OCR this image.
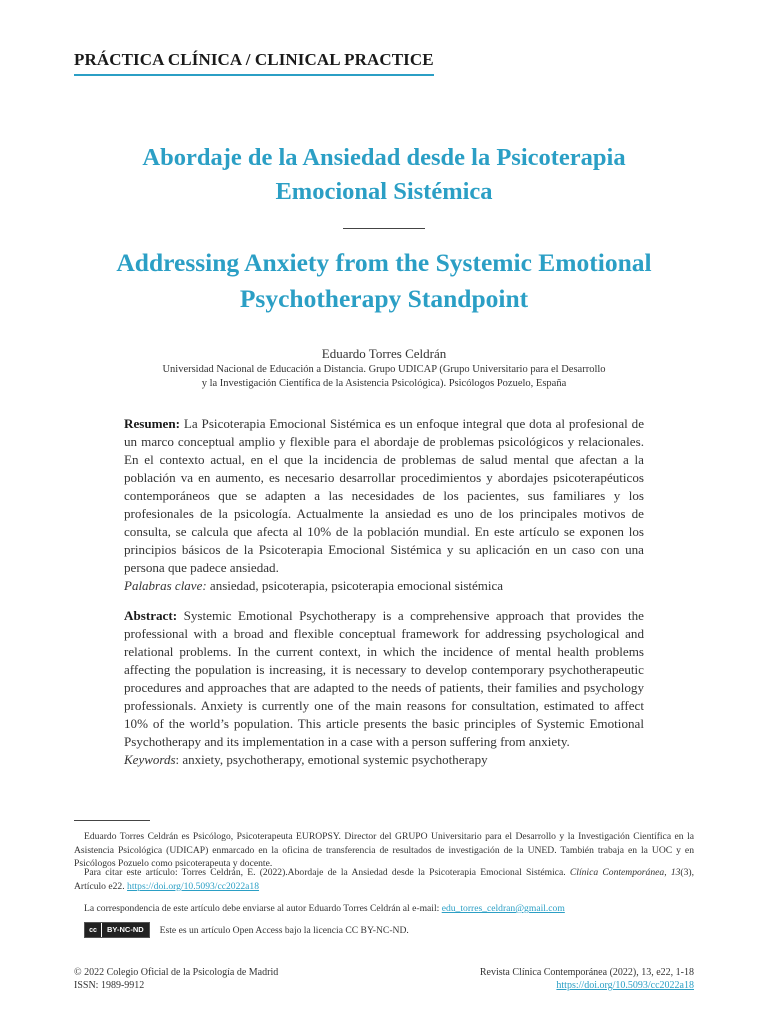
PRÁCTICA CLÍNICA / CLINICAL PRACTICE
Abordaje de la Ansiedad desde la Psicoterapia
Emocional Sistémica
Addressing Anxiety from the Systemic Emotional
Psychotherapy Standpoint
Eduardo Torres Celdrán
Universidad Nacional de Educación a Distancia. Grupo UDICAP (Grupo Universitario para el Desarrollo
y la Investigación Científica de la Asistencia Psicológica). Psicólogos Pozuelo, España

Resumen: La Psicoterapia Emocional Sistémica es un enfoque integral que dota al profesional de un marco conceptual amplio y flexible para el abordaje de problemas psicológicos y relacionales. En el contexto actual, en el que la incidencia de problemas de salud mental que afectan a la población va en aumento, es necesario desarrollar procedimientos y abordajes psicoterapéuticos contemporáneos que se adapten a las necesidades de los pacientes, sus familiares y los profesionales de la psicología. Actualmente la ansiedad es uno de los principales motivos de consulta, se calcula que afecta al 10% de la población mundial. En este artículo se exponen los principios básicos de la Psicoterapia Emocional Sistémica y su aplicación en un caso con una persona que padece ansiedad.

Palabras clave: ansiedad, psicoterapia, psicoterapia emocional sistémica

Abstract: Systemic Emotional Psychotherapy is a comprehensive approach that provides the professional with a broad and flexible conceptual framework for addressing psychological and relational problems. In the current context, in which the incidence of mental health problems affecting the population is increasing, it is necessary to develop contemporary psychotherapeutic procedures and approaches that are adapted to the needs of patients, their families and psychology professionals. Anxiety is currently one of the main reasons for consultation, estimated to affect 10% of the world’s population. This article presents the basic principles of Systemic Emotional Psychotherapy and its implementation in a case with a person suffering from anxiety.

Keywords: anxiety, psychotherapy, emotional systemic psychotherapy

Eduardo Torres Celdrán es Psicólogo, Psicoterapeuta EUROPSY. Director del GRUPO Universitario para el Desarrollo y la Investigación Científica en la Asistencia Psicológica (UDICAP) enmarcado en la oficina de transferencia de resultados de investigación de la UNED. También trabaja en la UOC y en Psicólogos Pozuelo como psicoterapeuta y docente.
Para citar este artículo: Torres Celdrán, E. (2022).Abordaje de la Ansiedad desde la Psicoterapia Emocional Sistémica. Clínica Contemporánea, 13(3), Artículo e22. https://doi.org/10.5093/cc2022a18
La correspondencia de este artículo debe enviarse al autor Eduardo Torres Celdrán al e-mail: edu_torres_celdran@gmail.com
cc	BY-NC-ND	Este es un artículo Open Access bajo la licencia CC BY-NC-ND.
© 2022 Colegio Oficial de la Psicología de Madrid
ISSN: 1989-9912
Revista Clínica Contemporánea (2022), 13, e22, 1-18
https://doi.org/10.5093/cc2022a18
